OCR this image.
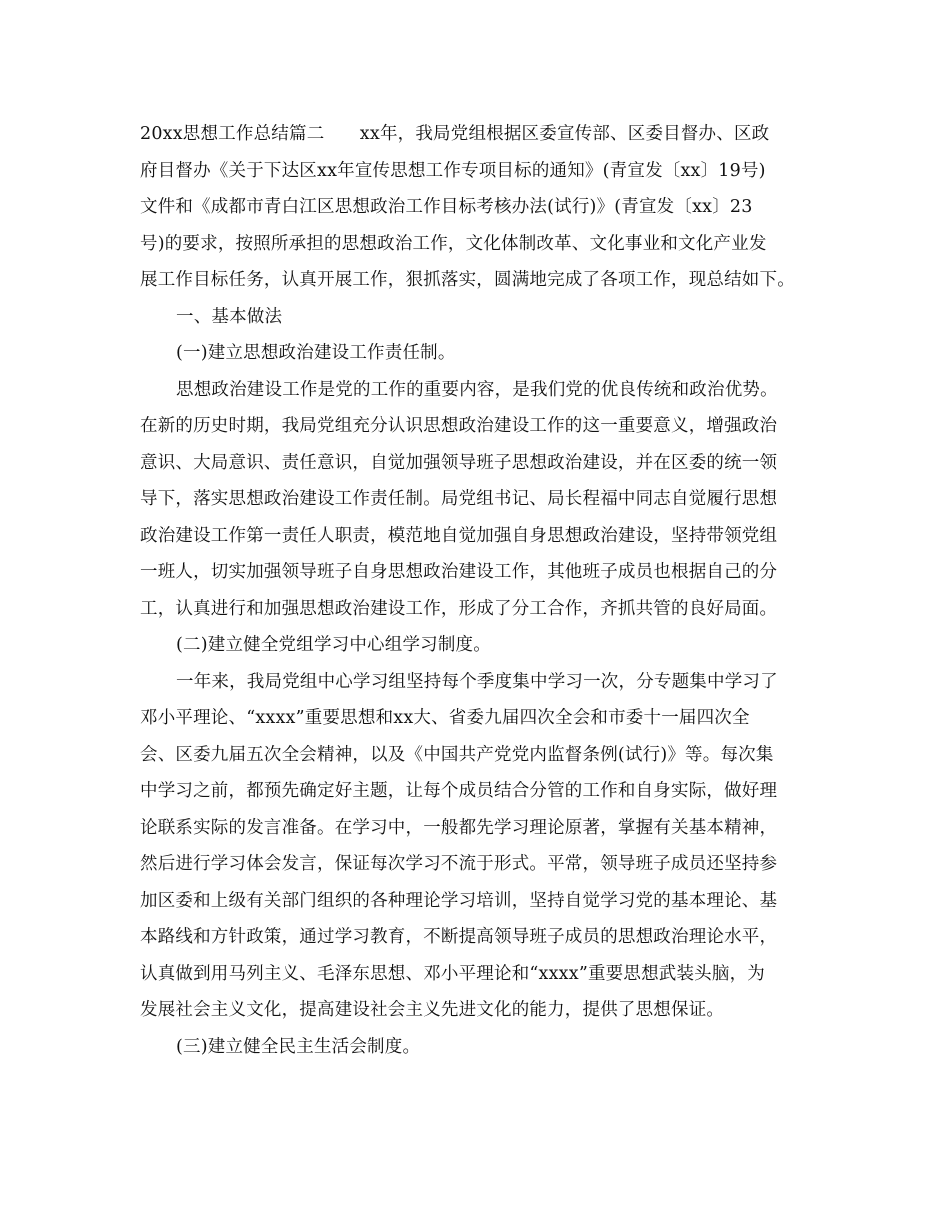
20xx思想工作总结篇二　　xx年，我局党组根据区委宣传部、区委目督办、区政
府目督办《关于下达区xx年宣传思想工作专项目标的通知》(青宣发〔xx〕19号)
文件和《成都市青白江区思想政治工作目标考核办法(试行)》(青宣发〔xx〕23
号)的要求，按照所承担的思想政治工作，文化体制改革、文化事业和文化产业发
展工作目标任务，认真开展工作，狠抓落实，圆满地完成了各项工作，现总结如下。
一、基本做法
(一)建立思想政治建设工作责任制。
思想政治建设工作是党的工作的重要内容，是我们党的优良传统和政治优势。
在新的历史时期，我局党组充分认识思想政治建设工作的这一重要意义，增强政治
意识、大局意识、责任意识，自觉加强领导班子思想政治建设，并在区委的统一领
导下，落实思想政治建设工作责任制。局党组书记、局长程福中同志自觉履行思想
政治建设工作第一责任人职责，模范地自觉加强自身思想政治建设，坚持带领党组
一班人，切实加强领导班子自身思想政治建设工作，其他班子成员也根据自己的分
工，认真进行和加强思想政治建设工作，形成了分工合作，齐抓共管的良好局面。
(二)建立健全党组学习中心组学习制度。
一年来，我局党组中心学习组坚持每个季度集中学习一次，分专题集中学习了
邓小平理论、“xxxx”重要思想和xx大、省委九届四次全会和市委十一届四次全
会、区委九届五次全会精神，以及《中国共产党党内监督条例(试行)》等。每次集
中学习之前，都预先确定好主题，让每个成员结合分管的工作和自身实际，做好理
论联系实际的发言准备。在学习中，一般都先学习理论原著，掌握有关基本精神，
然后进行学习体会发言，保证每次学习不流于形式。平常，领导班子成员还坚持参
加区委和上级有关部门组织的各种理论学习培训，坚持自觉学习党的基本理论、基
本路线和方针政策，通过学习教育，不断提高领导班子成员的思想政治理论水平，
认真做到用马列主义、毛泽东思想、邓小平理论和“xxxx”重要思想武装头脑，为
发展社会主义文化，提高建设社会主义先进文化的能力，提供了思想保证。
(三)建立健全民主生活会制度。
